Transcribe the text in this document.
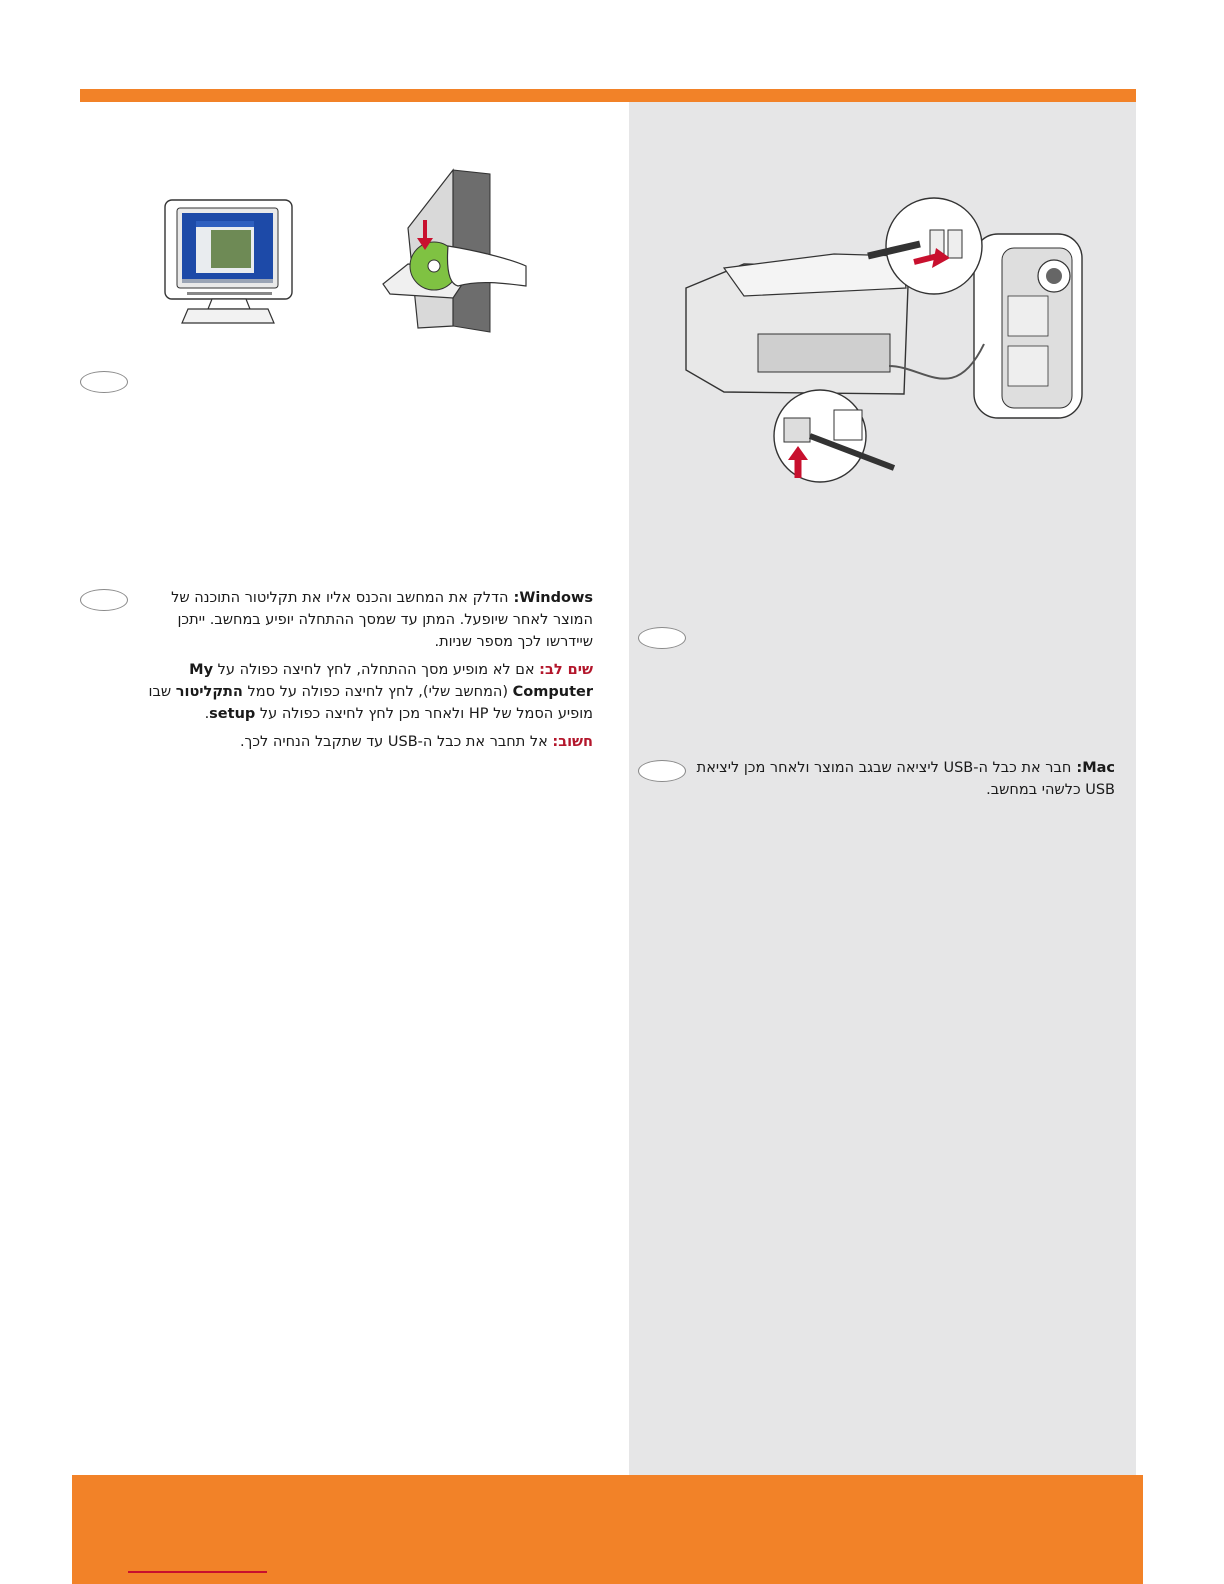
Windows: הדלק את המחשב והכנס אליו את תקליטור התוכנה של המוצר לאחר שיופעל. המתן עד שמסך ההתחלה יופיע במחשב. ייתכן שיידרשו לכך מספר שניות.

שים לב: אם לא מופיע מסך ההתחלה, לחץ לחיצה כפולה על My Computer (המחשב שלי), לחץ לחיצה כפולה על סמל התקליטור שבו מופיע הסמל של HP ולאחר מכן לחץ לחיצה כפולה על setup.

חשוב: אל תחבר את כבל ה-USB עד שתקבל הנחיה לכך.

Mac: חבר את כבל ה-USB ליציאה שבגב המוצר ולאחר מכן ליציאת USB כלשהי במחשב.
